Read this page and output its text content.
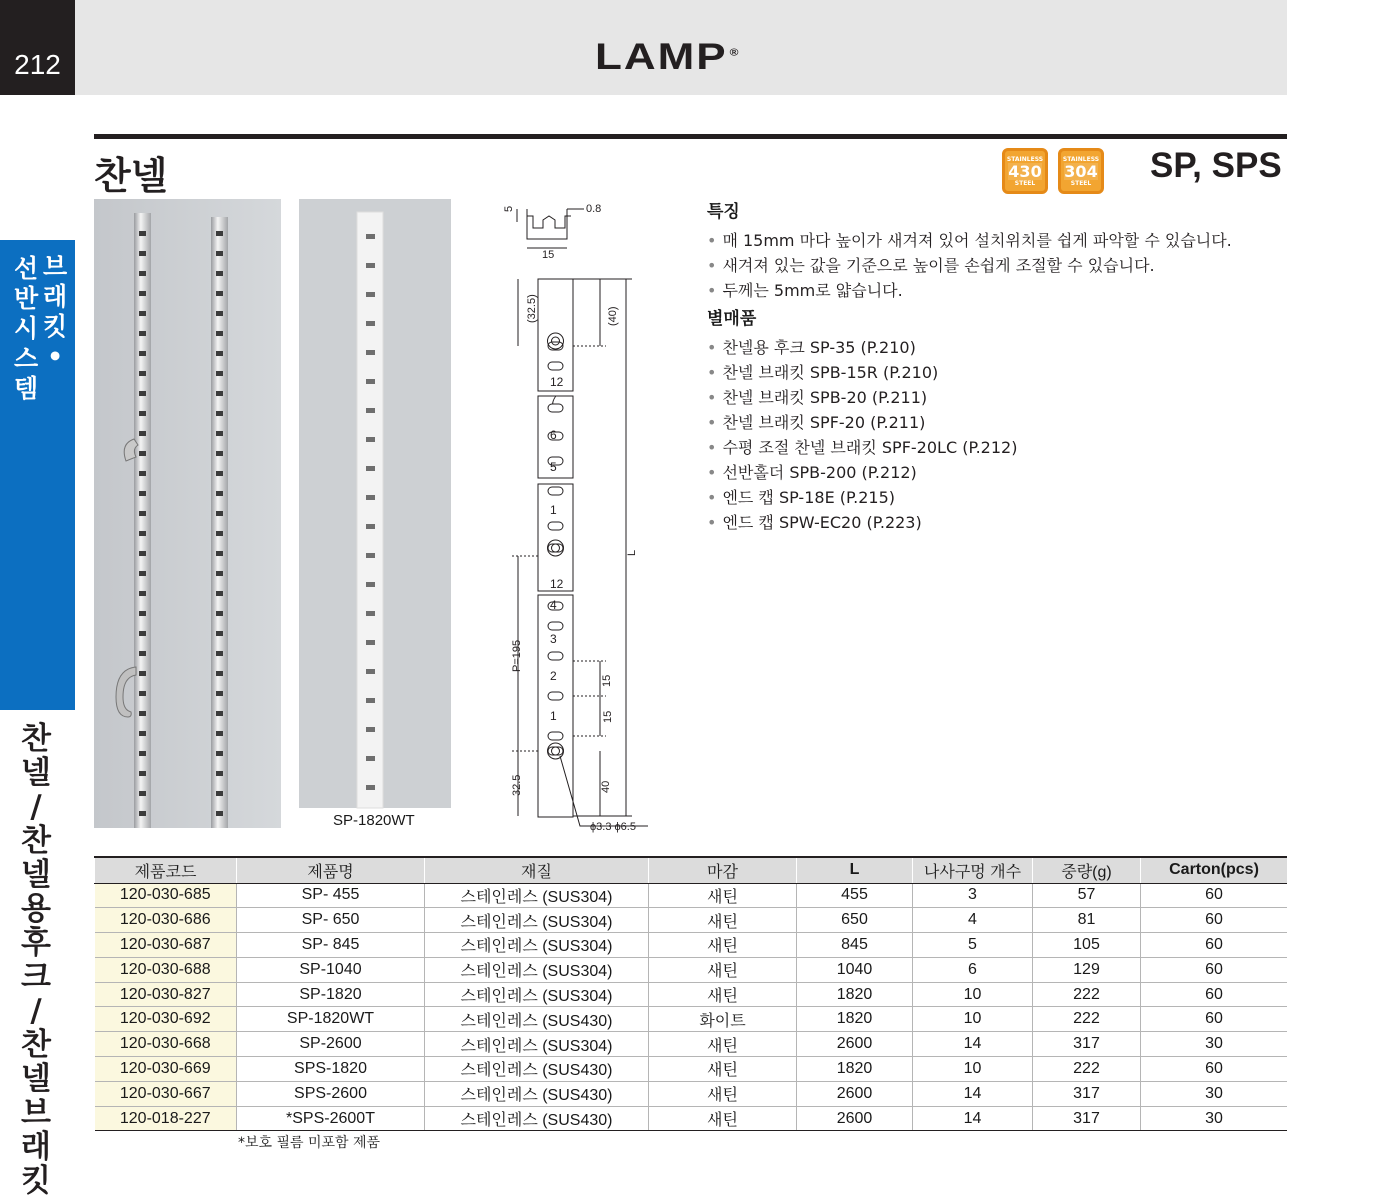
212	LAMP ®
선
반
시
스
템
브
래
킷
•
찬
넬
/
찬
넬
용
후
크
/
찬
넬
브
래
킷
찬넬	STAINLESS
430
STEEL
STAINLESS
304
STEEL SP, SPS
SP-1820WT
5	0.8
15
(32.5)	(40)
L
P=195
15
15
32.5	40
ϕ3.3 ϕ6.5
12
7
6
5
1
12
4
3
2
1
특징
• 매 15mm 마다 높이가 새겨져 있어 설치위치를 쉽게 파악할 수 있습니다.
• 새겨져 있는 값을 기준으로 높이를 손쉽게 조절할 수 있습니다.
• 두께는 5mm로 얇습니다.
별매품
• 찬넬용 후크 SP-35 (P.210)
• 찬넬 브래킷 SPB-15R (P.210)
• 찬넬 브래킷 SPB-20 (P.211)
• 찬넬 브래킷 SPF-20 (P.211)
• 수평 조절 찬넬 브래킷 SPF-20LC (P.212)
• 선반홀더 SPB-200 (P.212)
• 엔드 캡 SP-18E (P.215)
• 엔드 캡 SPW-EC20 (P.223)
제품코드	제품명	재질	마감	L	나사구멍 개수	중량(g)	Carton(pcs)
120-030-685	SP- 455	스테인레스 (SUS304)	새틴	455	3	57	60
120-030-686	SP- 650	스테인레스 (SUS304)	새틴	650	4	81	60
120-030-687	SP- 845	스테인레스 (SUS304)	새틴	845	5	105	60
120-030-688	SP-1040	스테인레스 (SUS304)	새틴	1040	6	129	60
120-030-827	SP-1820	스테인레스 (SUS304)	새틴	1820	10	222	60
120-030-692	SP-1820WT	스테인레스 (SUS430)	화이트	1820	10	222	60
120-030-668	SP-2600	스테인레스 (SUS304)	새틴	2600	14	317	30
120-030-669	SPS-1820	스테인레스 (SUS430)	새틴	1820	10	222	60
120-030-667	SPS-2600	스테인레스 (SUS430)	새틴	2600	14	317	30
120-018-227	*SPS-2600T	스테인레스 (SUS430)	새틴	2600	14	317	30
*보호 필름 미포함 제품
